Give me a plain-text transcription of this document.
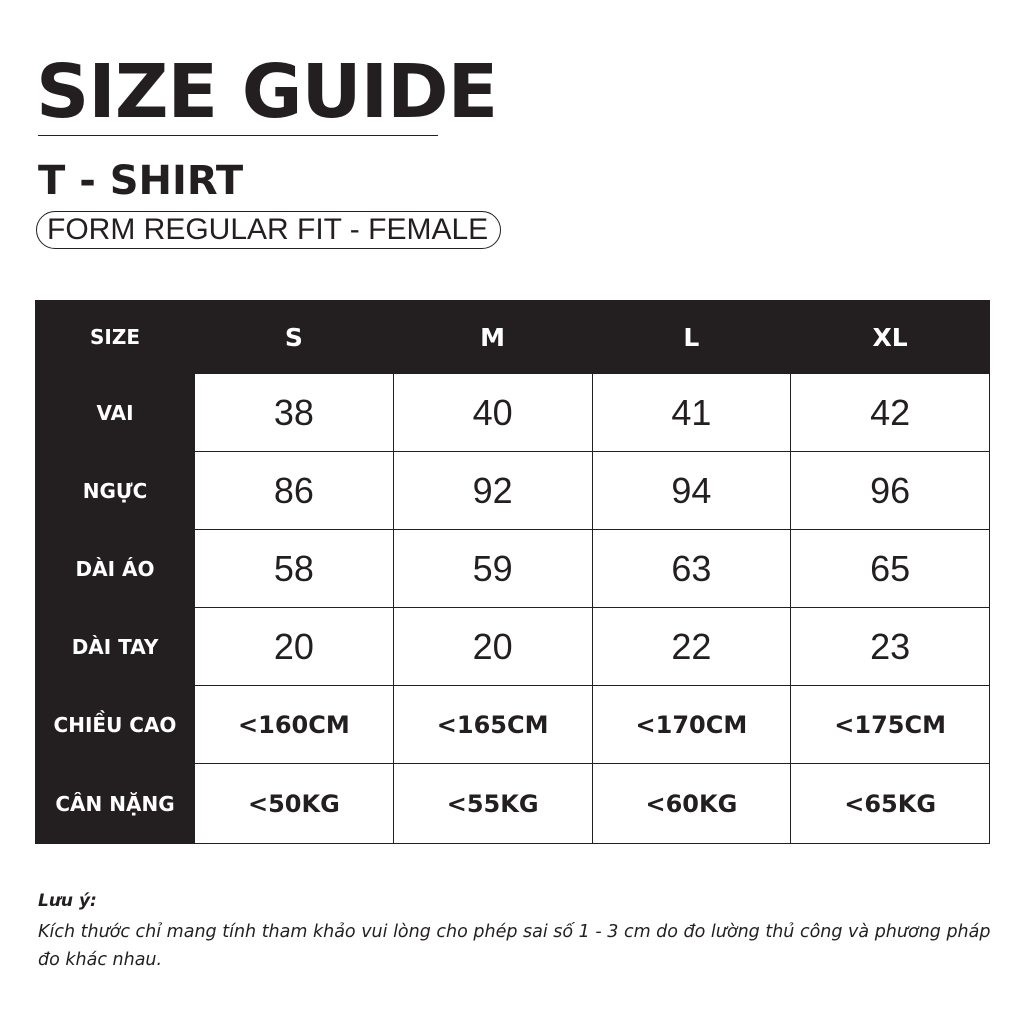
SIZE GUIDE
T - SHIRT
FORM REGULAR FIT - FEMALE
SIZE	S	M	L	XL
VAI	38	40	41	42
NGỰC	86	92	94	96
DÀI ÁO	58	59	63	65
DÀI TAY	20	20	22	23
CHIỀU CAO	<160CM	<165CM	<170CM	<175CM
CÂN NẶNG	<50KG	<55KG	<60KG	<65KG

Lưu ý:

Kích thước chỉ mang tính tham khảo vui lòng cho phép sai số 1 - 3 cm do đo lường thủ công và phương pháp đo khác nhau.
